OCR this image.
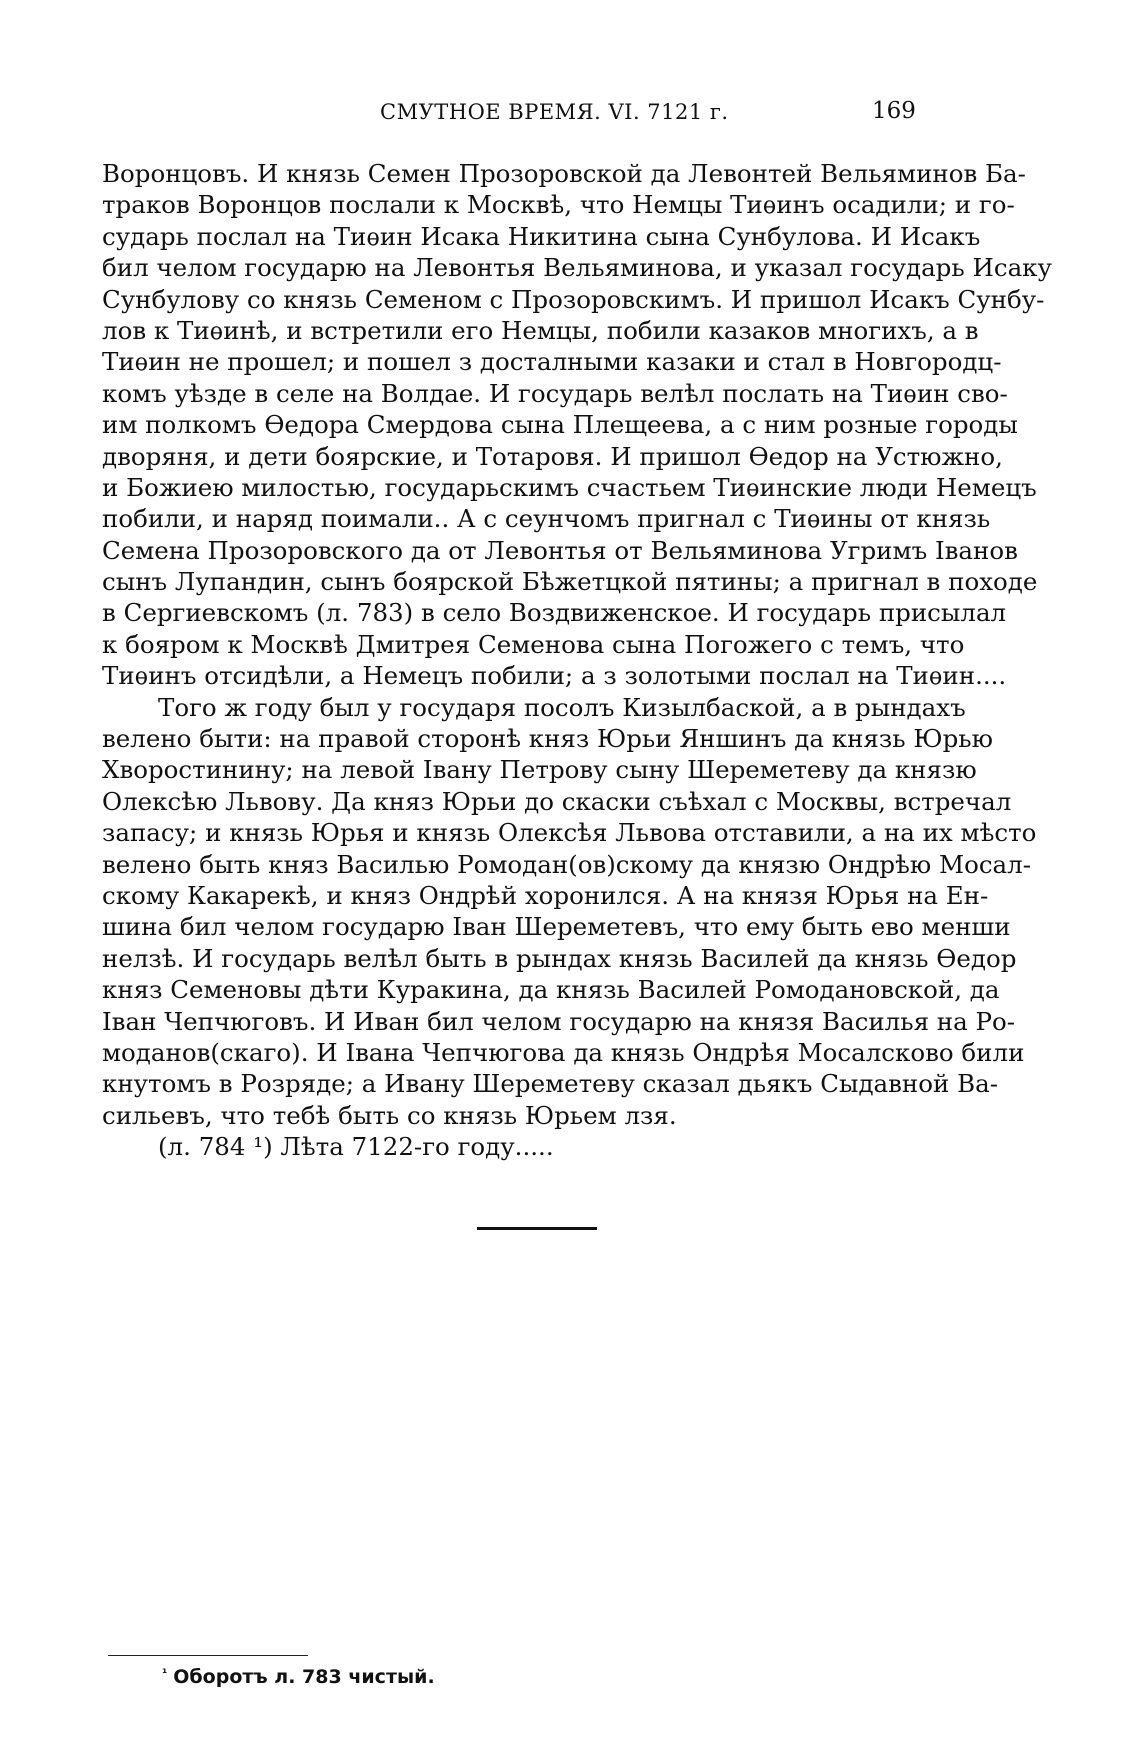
СМУТНОЕ ВРЕМЯ. VI. 7121 г.	169
Воронцовъ. И князь Семен Прозоровской да Левонтей Вельяминов Ба-
траков Воронцов послали к Москвѣ, что Немцы Тиѳинъ осадили; и го-
сударь послал на Тиѳин Исака Никитина сына Сунбулова. И Исакъ
бил челом государю на Левонтья Вельяминова, и указал государь Исаку
Сунбулову со князь Семеном с Прозоровскимъ. И пришол Исакъ Сунбу-
лов к Тиѳинѣ, и встретили его Немцы, побили казаков многихъ, а в
Тиѳин не прошел; и пошел з досталными казаки и стал в Новгородц-
комъ уѣзде в селе на Волдае. И государь велѣл послать на Тиѳин сво-
им полкомъ Ѳедора Смердова сына Плещеева, а с ним розные городы
дворяня, и дети боярские, и Тотаровя. И пришол Ѳедор на Устюжно,
и Божиею милостью, государьскимъ счастьем Тиѳинские люди Немецъ
побили, и наряд поимали.. А с сеунчомъ пригнал с Тиѳины от князь
Семена Прозоровского да от Левонтья от Вельяминова Угримъ Іванов
сынъ Лупандин, сынъ боярской Бѣжетцкой пятины; а пригнал в походе
в Сергиевскомъ (л. 783) в село Воздвиженское. И государь присылал
к бояром к Москвѣ Дмитрея Семенова сына Погожего с темъ, что
Тиѳинъ отсидѣли, а Немецъ побили; а з золотыми послал на Тиѳин....
Того ж году был у государя посолъ Кизылбаской, а в рындахъ
велено быти: на правой сторонѣ княз Юрьи Яншинъ да князь Юрью
Хворостинину; на левой Івану Петрову сыну Шереметеву да князю
Олексѣю Львову. Да княз Юрьи до скаски съѣхал с Москвы, встречал
запасу; и князь Юрья и князь Олексѣя Львова отставили, а на их мѣсто
велено быть княз Василью Ромодан(ов)скому да князю Ондрѣю Мосал-
скому Какарекѣ, и княз Ондрѣй хоронился. А на князя Юрья на Ен-
шина бил челом государю Іван Шереметевъ, что ему быть ево менши
нелзѣ. И государь велѣл быть в рындах князь Василей да князь Ѳедор
княз Семеновы дѣти Куракина, да князь Василей Ромодановской, да
Іван Чепчюговъ. И Иван бил челом государю на князя Василья на Ро-
моданов(скаго). И Івана Чепчюгова да князь Ондрѣя Мосалсково били
кнутомъ в Розряде; а Ивану Шереметеву сказал дьякъ Сыдавной Ва-
сильевъ, что тебѣ быть со князь Юрьем лзя.
(л. 784 ¹) Лѣта 7122-го году.....
$^{^1}$ Оборотъ л. 783 чистый.
